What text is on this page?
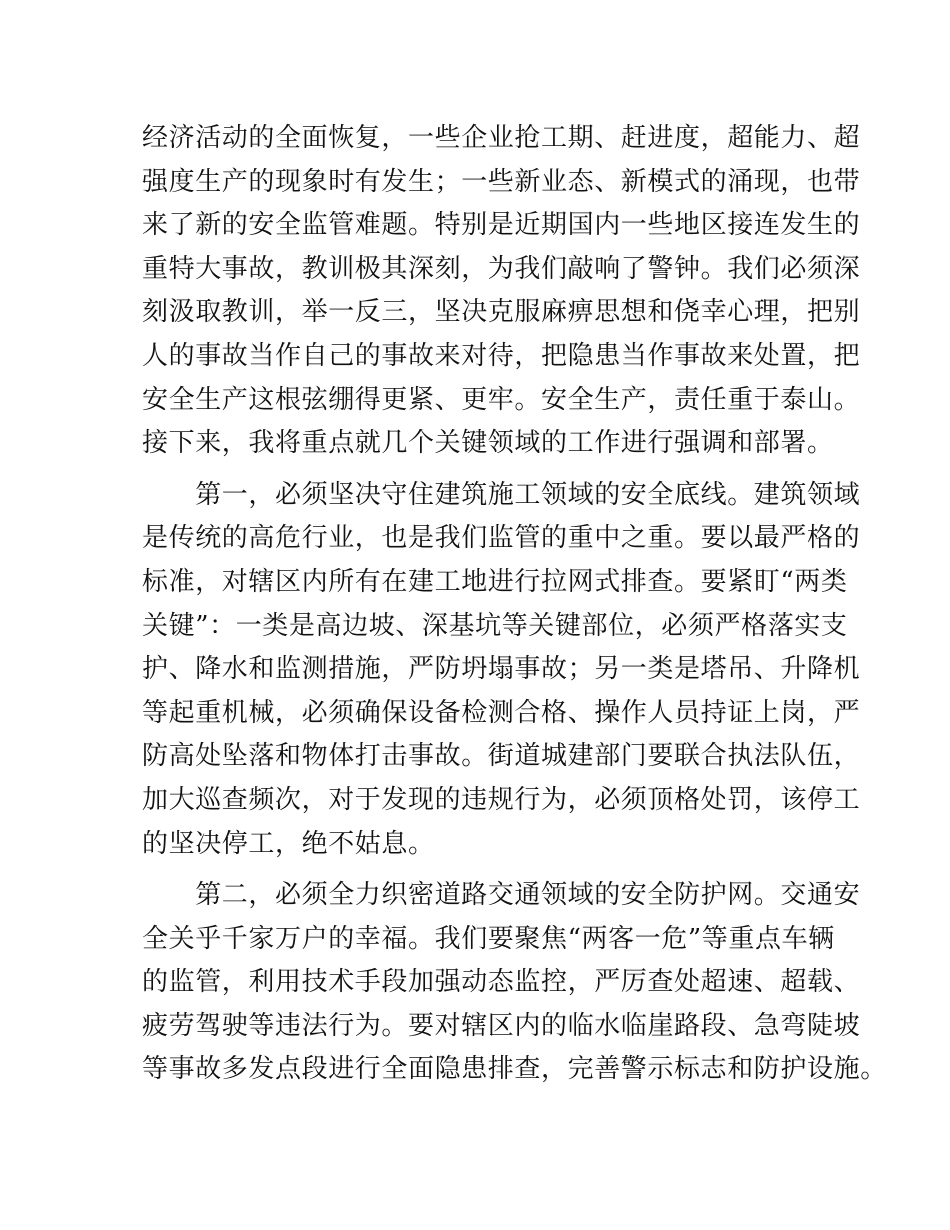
经济活动的全面恢复，一些企业抢工期、赶进度，超能力、超
强度生产的现象时有发生；一些新业态、新模式的涌现，也带
来了新的安全监管难题。特别是近期国内一些地区接连发生的
重特大事故，教训极其深刻，为我们敲响了警钟。我们必须深
刻汲取教训，举一反三，坚决克服麻痹思想和侥幸心理，把别
人的事故当作自己的事故来对待，把隐患当作事故来处置，把
安全生产这根弦绷得更紧、更牢。安全生产，责任重于泰山。
接下来，我将重点就几个关键领域的工作进行强调和部署。
　　第一，必须坚决守住建筑施工领域的安全底线。建筑领域
是传统的高危行业，也是我们监管的重中之重。要以最严格的
标准，对辖区内所有在建工地进行拉网式排查。要紧盯“两类
关键”：一类是高边坡、深基坑等关键部位，必须严格落实支
护、降水和监测措施，严防坍塌事故；另一类是塔吊、升降机
等起重机械，必须确保设备检测合格、操作人员持证上岗，严
防高处坠落和物体打击事故。街道城建部门要联合执法队伍，
加大巡查频次，对于发现的违规行为，必须顶格处罚，该停工
的坚决停工，绝不姑息。
　　第二，必须全力织密道路交通领域的安全防护网。交通安
全关乎千家万户的幸福。我们要聚焦“两客一危”等重点车辆
的监管，利用技术手段加强动态监控，严厉查处超速、超载、
疲劳驾驶等违法行为。要对辖区内的临水临崖路段、急弯陡坡
等事故多发点段进行全面隐患排查，完善警示标志和防护设施。
